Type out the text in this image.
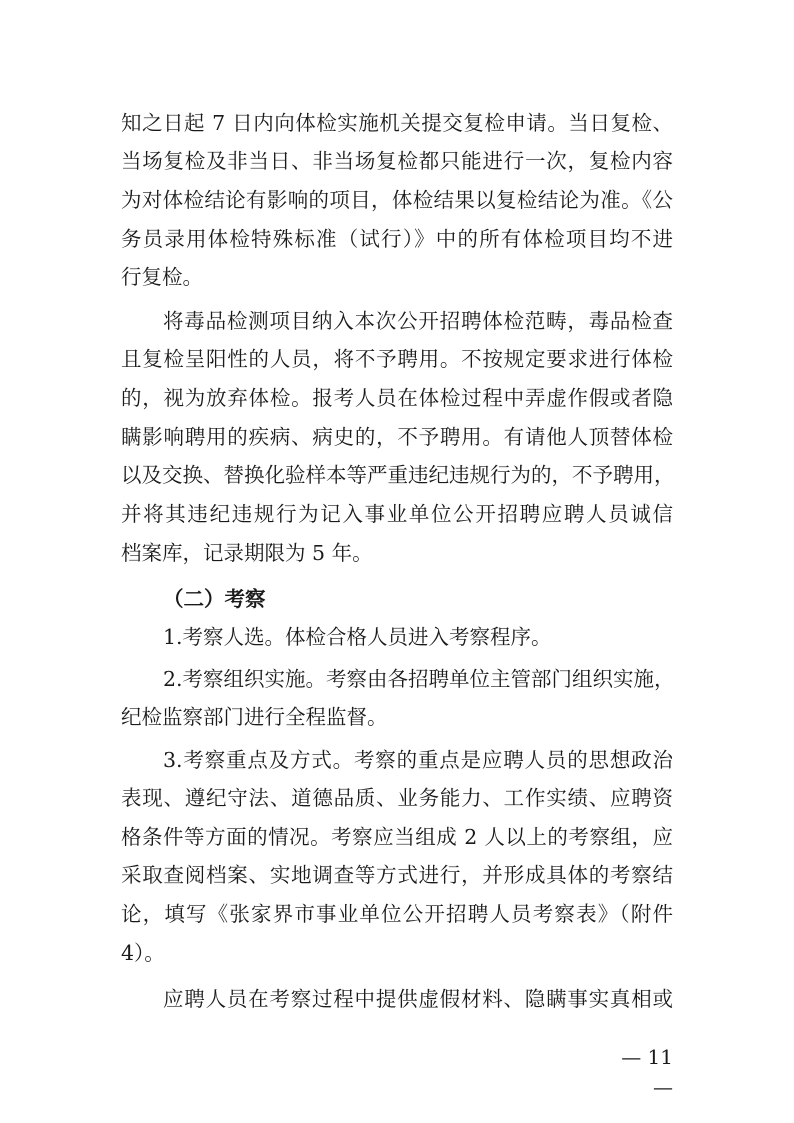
知之日起 7 日内向体检实施机关提交复检申请。当日复检、
当场复检及非当日、非当场复检都只能进行一次，复检内容
为对体检结论有影响的项目，体检结果以复检结论为准。《公
务员录用体检特殊标准（试行）》中的所有体检项目均不进
行复检。
将毒品检测项目纳入本次公开招聘体检范畴，毒品检查
且复检呈阳性的人员，将不予聘用。不按规定要求进行体检
的，视为放弃体检。报考人员在体检过程中弄虚作假或者隐
瞒影响聘用的疾病、病史的，不予聘用。有请他人顶替体检
以及交换、替换化验样本等严重违纪违规行为的，不予聘用，
并将其违纪违规行为记入事业单位公开招聘应聘人员诚信
档案库，记录期限为 5 年。
（二）考察
1.考察人选。体检合格人员进入考察程序。
2.考察组织实施。考察由各招聘单位主管部门组织实施，
纪检监察部门进行全程监督。
3.考察重点及方式。考察的重点是应聘人员的思想政治
表现、遵纪守法、道德品质、业务能力、工作实绩、应聘资
格条件等方面的情况。考察应当组成 2 人以上的考察组，应
采取查阅档案、实地调查等方式进行，并形成具体的考察结
论，填写《张家界市事业单位公开招聘人员考察表》（附件
4）。
应聘人员在考察过程中提供虚假材料、隐瞒事实真相或
— 11 —
